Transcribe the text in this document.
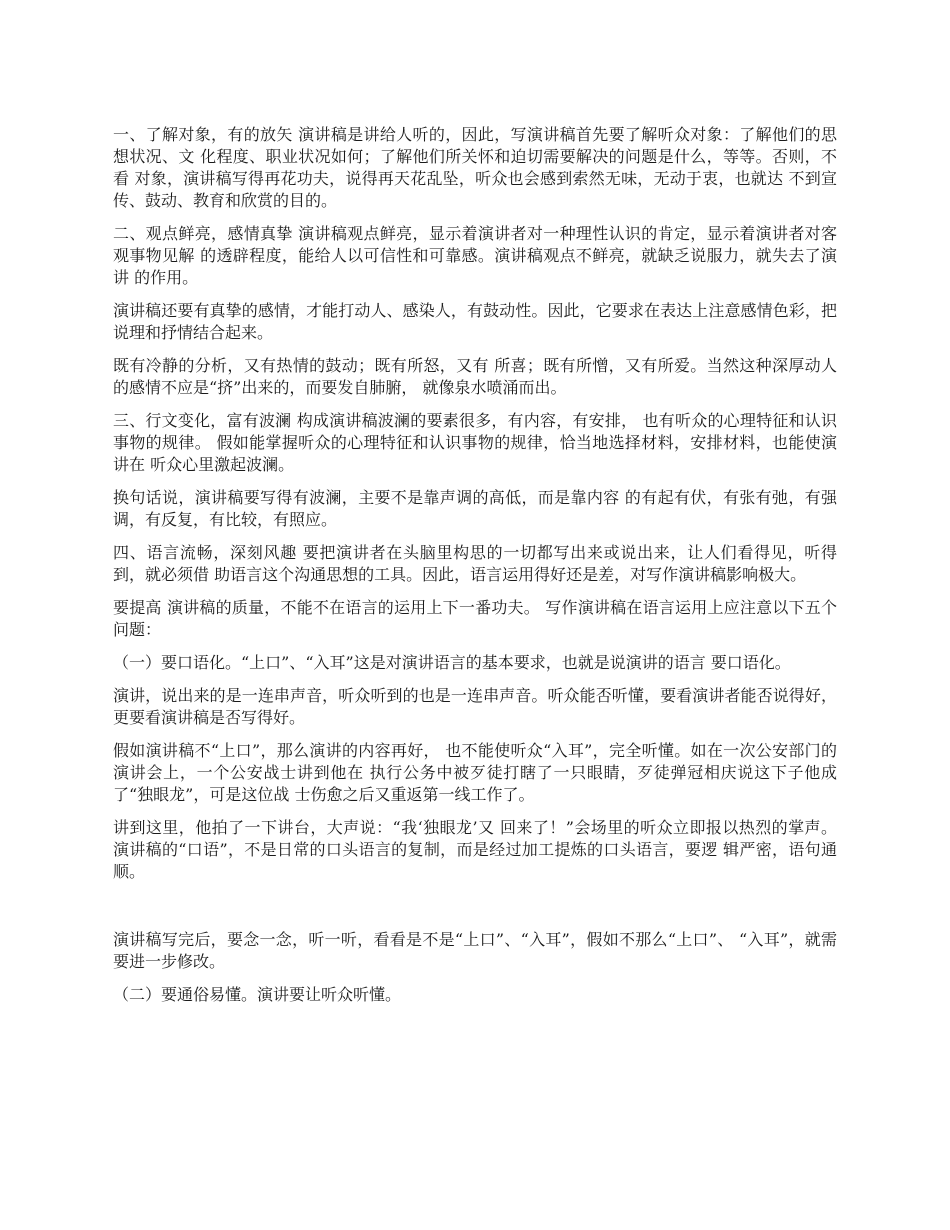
一、了解对象，有的放矢 演讲稿是讲给人听的，因此，写演讲稿首先要了解听众对象：了解他们的思想状况、文 化程度、职业状况如何；了解他们所关怀和迫切需要解决的问题是什么，等等。否则，不看 对象，演讲稿写得再花功夫，说得再天花乱坠，听众也会感到索然无味，无动于衷，也就达 不到宣传、鼓动、教育和欣赏的目的。

二、观点鲜亮，感情真挚 演讲稿观点鲜亮，显示着演讲者对一种理性认识的肯定，显示着演讲者对客观事物见解 的透辟程度，能给人以可信性和可靠感。演讲稿观点不鲜亮，就缺乏说服力，就失去了演讲 的作用。

演讲稿还要有真挚的感情，才能打动人、感染人，有鼓动性。因此，它要求在表达上注意感情色彩，把说理和抒情结合起来。

既有冷静的分析，又有热情的鼓动；既有所怒，又有 所喜；既有所憎，又有所爱。当然这种深厚动人的感情不应是“挤”出来的，而要发自肺腑， 就像泉水喷涌而出。

三、行文变化，富有波澜 构成演讲稿波澜的要素很多，有内容，有安排， 也有听众的心理特征和认识事物的规律。 假如能掌握听众的心理特征和认识事物的规律，恰当地选择材料，安排材料，也能使演讲在 听众心里激起波澜。

换句话说，演讲稿要写得有波澜，主要不是靠声调的高低，而是靠内容 的有起有伏，有张有弛，有强调，有反复，有比较，有照应。

四、语言流畅，深刻风趣 要把演讲者在头脑里构思的一切都写出来或说出来，让人们看得见，听得到，就必须借 助语言这个沟通思想的工具。因此，语言运用得好还是差，对写作演讲稿影响极大。

要提高 演讲稿的质量，不能不在语言的运用上下一番功夫。 写作演讲稿在语言运用上应注意以下五个问题：

（一）要口语化。“上口”、“入耳”这是对演讲语言的基本要求，也就是说演讲的语言 要口语化。

演讲，说出来的是一连串声音，听众听到的也是一连串声音。听众能否听懂，要看演讲者能否说得好，更要看演讲稿是否写得好。

假如演讲稿不“上口”，那么演讲的内容再好， 也不能使听众“入耳”，完全听懂。如在一次公安部门的演讲会上，一个公安战士讲到他在 执行公务中被歹徒打瞎了一只眼睛，歹徒弹冠相庆说这下子他成了“独眼龙”，可是这位战 士伤愈之后又重返第一线工作了。

讲到这里，他拍了一下讲台，大声说：“我‘独眼龙’又 回来了！”会场里的听众立即报以热烈的掌声。 演讲稿的“口语”，不是日常的口头语言的复制，而是经过加工提炼的口头语言，要逻 辑严密，语句通顺。

演讲稿写完后，要念一念，听一听，看看是不是“上口”、“入耳”，假如不那么“上口”、 “入耳”，就需要进一步修改。

（二）要通俗易懂。演讲要让听众听懂。
